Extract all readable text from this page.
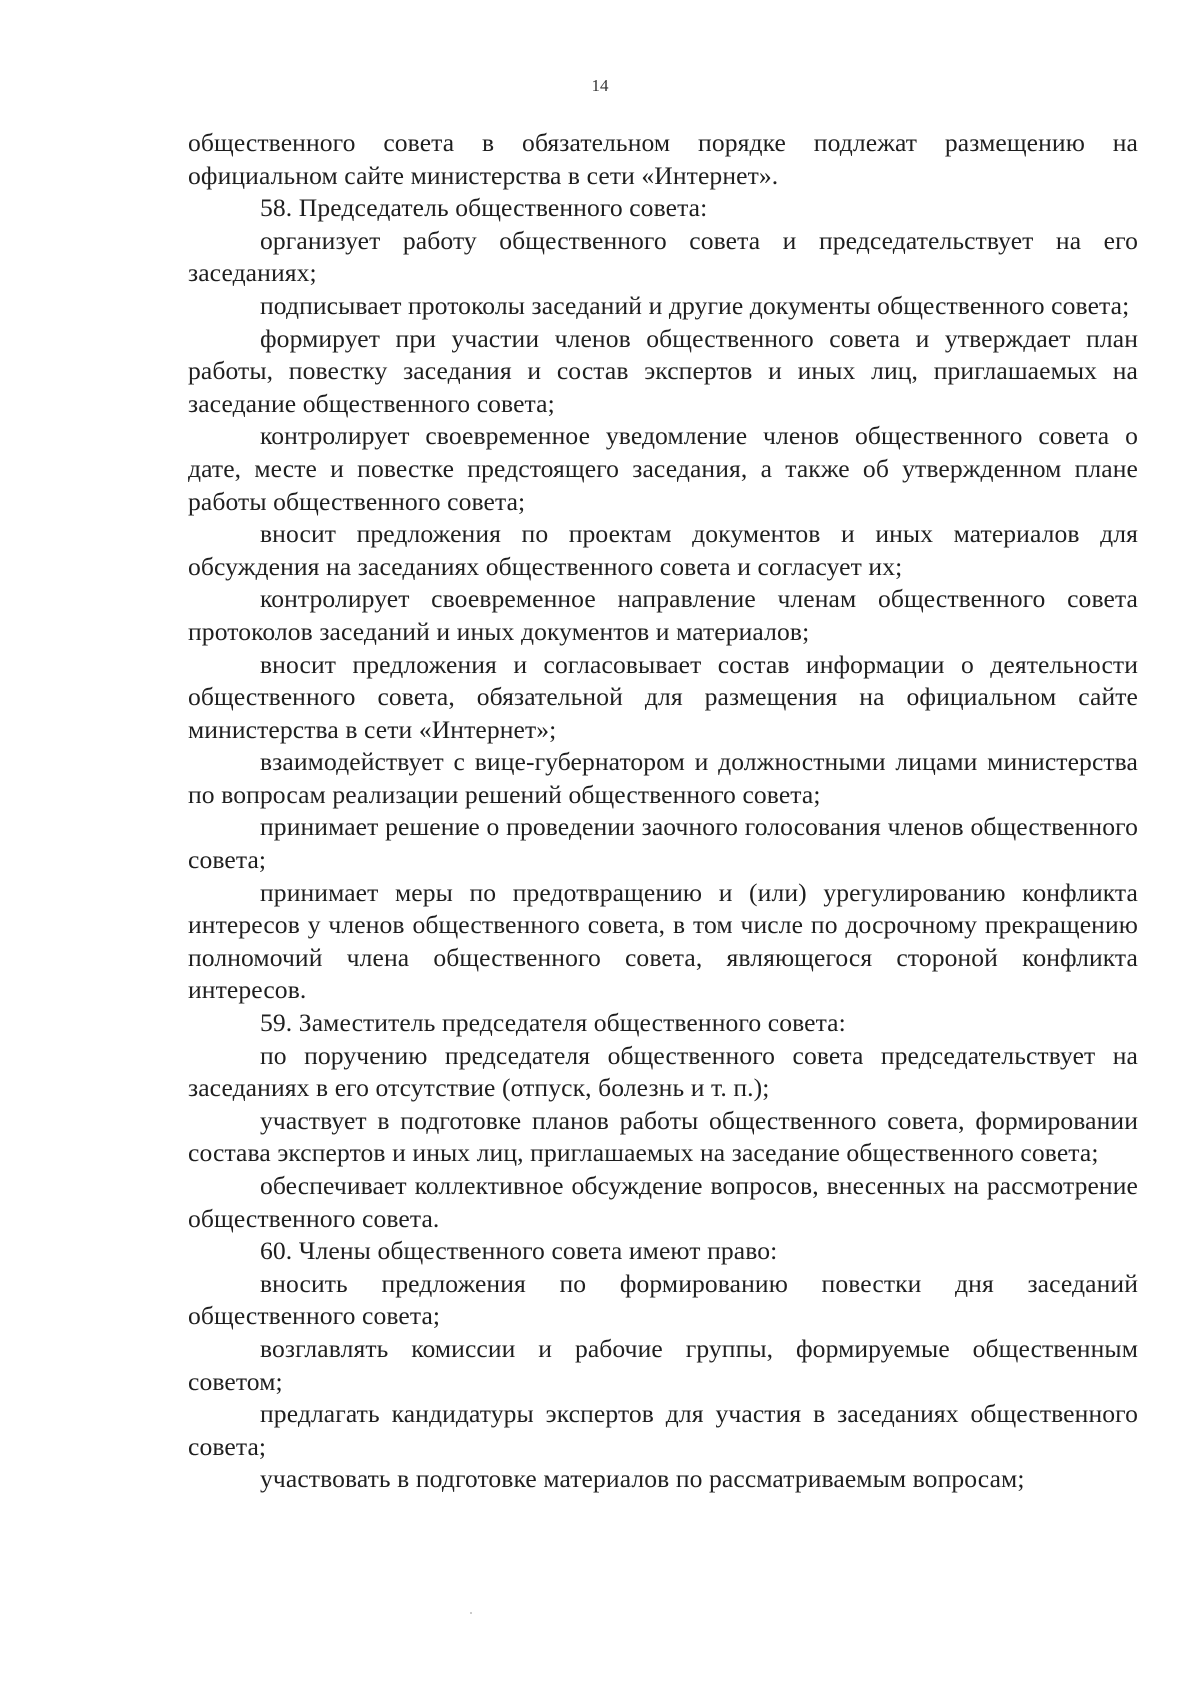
14

общественного совета в обязательном порядке подлежат размещению на официальном сайте министерства в сети «Интернет».

58. Председатель общественного совета:

организует работу общественного совета и председательствует на его заседаниях;

подписывает протоколы заседаний и другие документы общественного совета;

формирует при участии членов общественного совета и утверждает план работы, повестку заседания и состав экспертов и иных лиц, приглашаемых на заседание общественного совета;

контролирует своевременное уведомление членов общественного совета о дате, месте и повестке предстоящего заседания, а также об утвержденном плане работы общественного совета;

вносит предложения по проектам документов и иных материалов для обсуждения на заседаниях общественного совета и согласует их;

контролирует своевременное направление членам общественного совета протоколов заседаний и иных документов и материалов;

вносит предложения и согласовывает состав информации о деятельности общественного совета, обязательной для размещения на официальном сайте министерства в сети «Интернет»;

взаимодействует с вице-губернатором и должностными лицами министерства по вопросам реализации решений общественного совета;

принимает решение о проведении заочного голосования членов общественного совета;

принимает меры по предотвращению и (или) урегулированию конфликта интересов у членов общественного совета, в том числе по досрочному прекращению полномочий члена общественного совета, являющегося стороной конфликта интересов.

59. Заместитель председателя общественного совета:

по поручению председателя общественного совета председательствует на заседаниях в его отсутствие (отпуск, болезнь и т. п.);

участвует в подготовке планов работы общественного совета, формировании состава экспертов и иных лиц, приглашаемых на заседание общественного совета;

обеспечивает коллективное обсуждение вопросов, внесенных на рассмотрение общественного совета.

60. Члены общественного совета имеют право:

вносить предложения по формированию повестки дня заседаний общественного совета;

возглавлять комиссии и рабочие группы, формируемые общественным советом;

предлагать кандидатуры экспертов для участия в заседаниях общественного совета;

участвовать в подготовке материалов по рассматриваемым вопросам;
